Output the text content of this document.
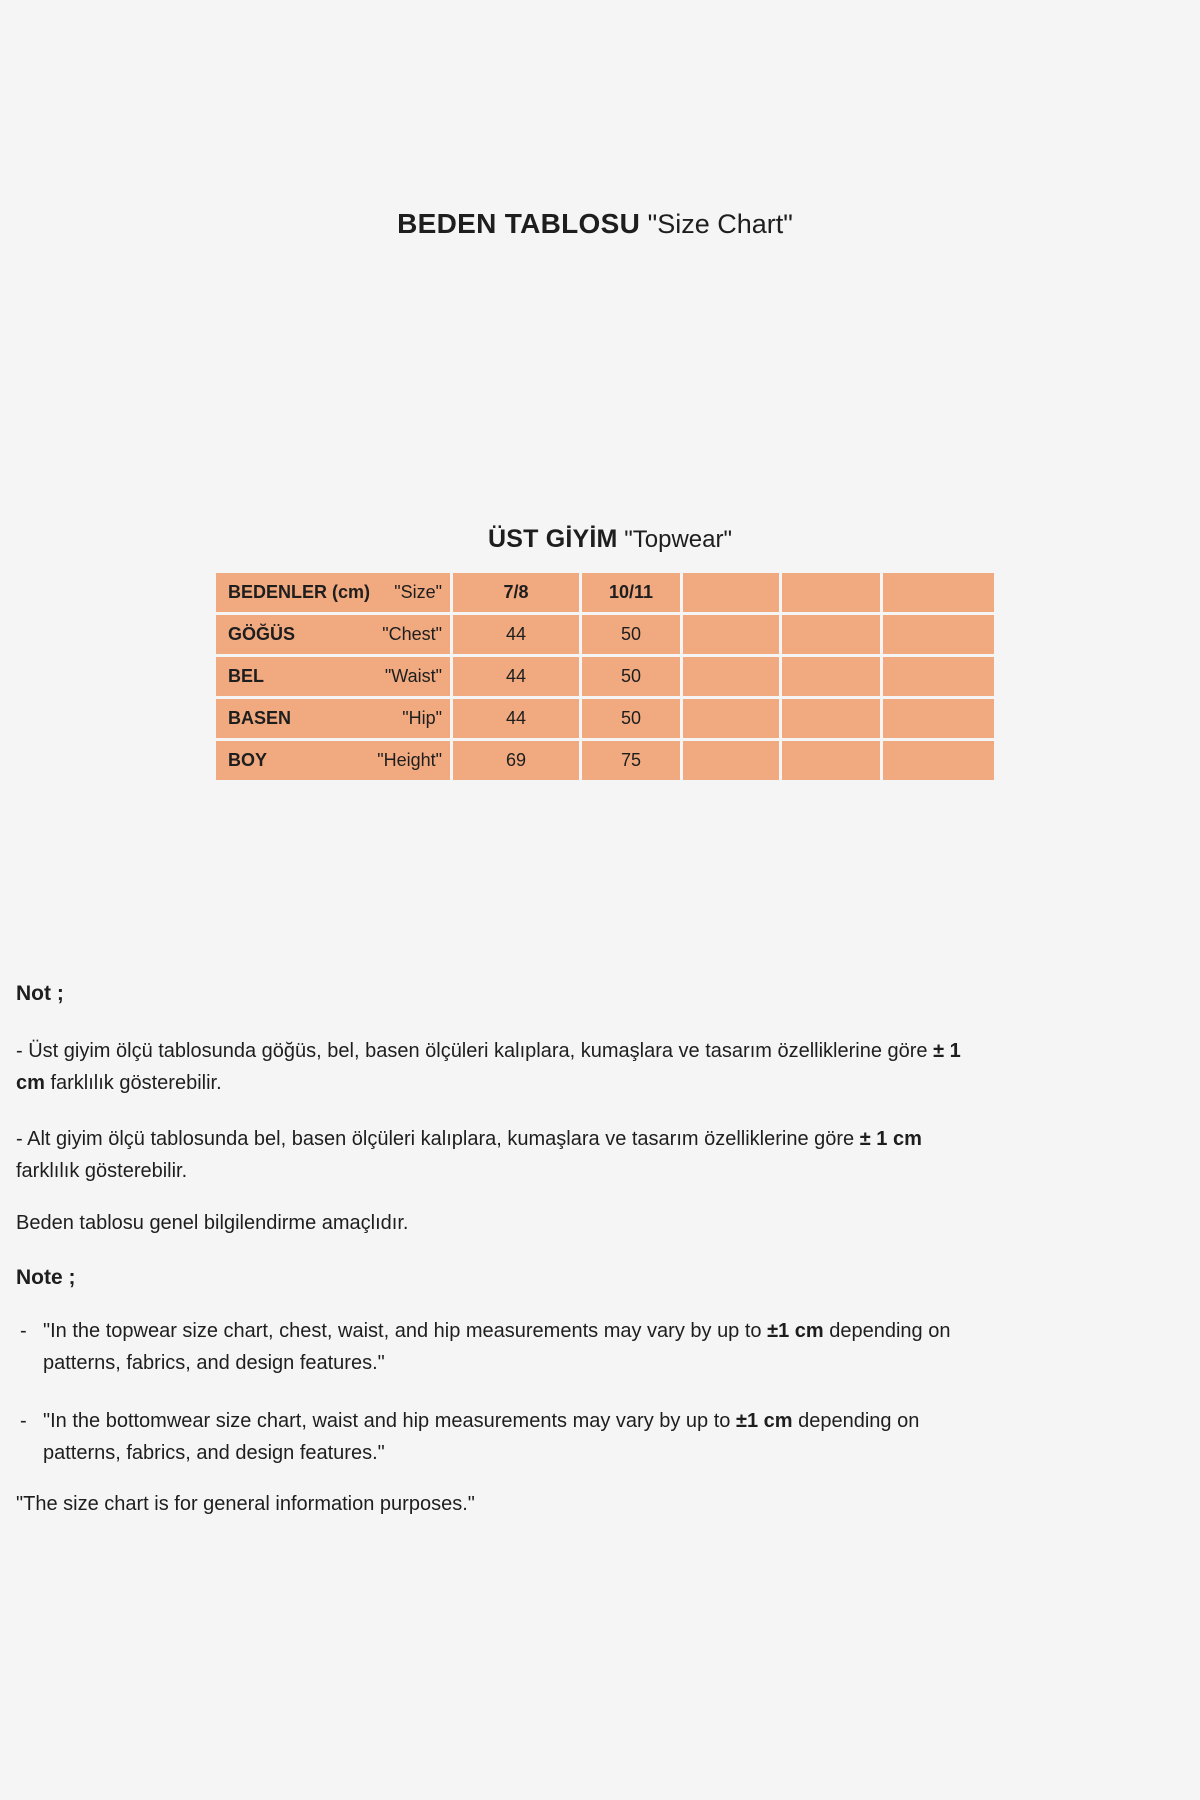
BEDEN TABLOSU "Size Chart"
ÜST GİYİM "Topwear"
BEDENLER (cm) "Size"	7/8	10/11			

GÖĞÜS "Chest"	44	50			

BEL "Waist"	44	50			

BASEN "Hip"	44	50			

BOY "Height"	69	75			
Not ;
- Üst giyim ölçü tablosunda göğüs, bel, basen ölçüleri kalıplara, kumaşlara ve tasarım özelliklerine göre ± 1
cm farklılık gösterebilir.
- Alt giyim ölçü tablosunda bel, basen ölçüleri kalıplara, kumaşlara ve tasarım özelliklerine göre ± 1 cm
farklılık gösterebilir.
Beden tablosu genel bilgilendirme amaçlıdır.
Note ;
- "In the topwear size chart, chest, waist, and hip measurements may vary by up to ±1 cm depending on
patterns, fabrics, and design features."
- "In the bottomwear size chart, waist and hip measurements may vary by up to ±1 cm depending on
patterns, fabrics, and design features."
"The size chart is for general information purposes."
